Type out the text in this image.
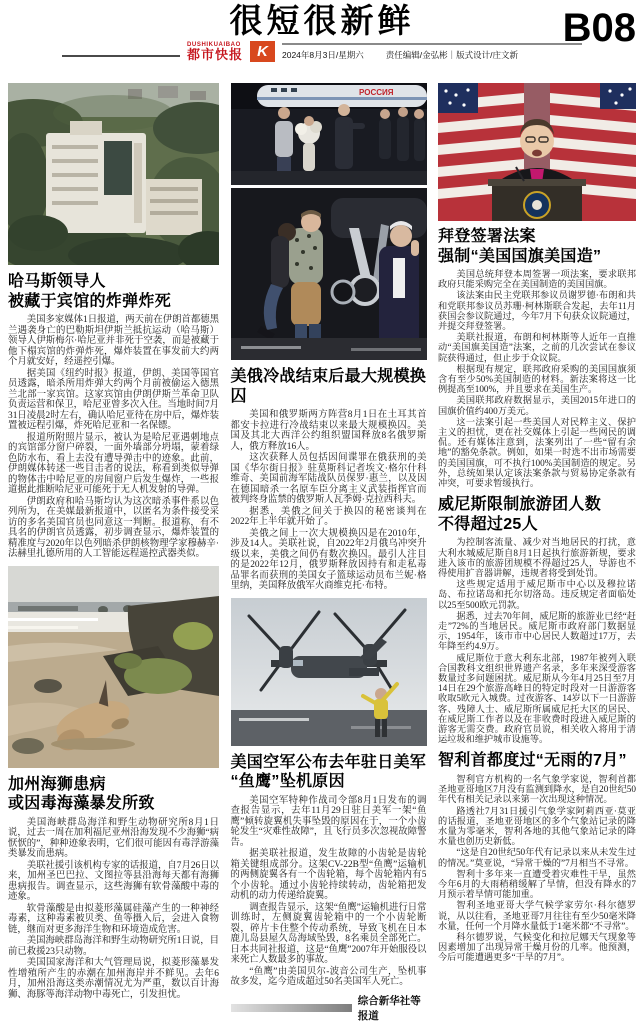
很短很新鲜	B08
DUSHIKUAIBAO
都市快报 K	2024年8月3日/星期六	责任编辑/金弘彬｜版式设计/庄文新
哈马斯领导人
被藏于宾馆的炸弹炸死

美国多家媒体1日报道，两天前在伊朗首都德黑兰遇袭身亡的巴勒斯坦伊斯兰抵抗运动（哈马斯）领导人伊斯梅尔·哈尼亚并非死于空袭，而是被藏于他下榻宾馆的炸弹炸死，爆炸装置在事发前大约两个月就安好，经遥控引爆。

据美国《纽约时报》报道，伊朗、美国等国官员透露，暗杀所用炸弹大约两个月前被偷运入德黑兰北部一家宾馆。这家宾馆由伊朗伊斯兰革命卫队负责运营和保卫，哈尼亚曾多次入住。当地时间7月31日凌晨2时左右，确认哈尼亚待在房中后，爆炸装置被远程引爆，炸死哈尼亚和一名保镖。

报道所附照片显示，被认为是哈尼亚遇刺地点的宾馆部分窗户碎裂，一面外墙部分坍塌，蒙着绿色防水布，看上去没有遭导弹击中的迹象。此前，伊朗媒体转述一些目击者的说法，称看到类似导弹的物体击中哈尼亚的房间窗户后发生爆炸，一些报道据此推断哈尼亚可能死于无人机发射的导弹。

伊朗政府和哈马斯均认为这次暗杀事件系以色列所为，在美媒最新报道中，以匿名为条件接受采访的多名美国官员也同意这一判断。报道称，有不具名的伊朗官员透露，初步调查显示，爆炸装置的精准度与2020年以色列暗杀伊朗核物理学家穆赫辛·法赫里扎德所用的人工智能远程遥控武器类似。

加州海狮患病
或因毒海藻暴发所致

美国海峡群岛海洋和野生动物研究所8月1日说，过去一周在加利福尼亚州沿海发现不少海狮“病恹恹的”，种种迹象表明，它们很可能因有毒浮游藻类暴发而患病。

美联社援引该机构专家的话报道，自7月26日以来，加州圣巴巴拉、文图拉等县沿海每天都有海狮患病报告。调查显示，这些海狮有软骨藻酸中毒的迹象。

软骨藻酸是由拟菱形藻属硅藻产生的一种神经毒素，这种毒素被贝类、鱼等摄入后，会进入食物链，继而对更多海洋生物和环境造成危害。

美国海峡群岛海洋和野生动物研究所1日说，目前已救援23只动物。

美国国家海洋和大气管理局说，拟菱形藻暴发性增殖所产生的赤潮在加州海岸并不鲜见。去年6月，加州沿海这类赤潮情况尤为严重，数以百计海狮、海豚等海洋动物中毒死亡，引发担忧。

РОССИЯ
美俄冷战结束后最大规模换囚

美国和俄罗斯两方阵营8月1日在土耳其首都安卡拉进行冷战结束以来最大规模换囚。美国及其北大西洋公约组织盟国释放8名俄罗斯人，俄方释放16人。

这次获释人员包括因间谍罪在俄获刑的美国《华尔街日报》驻莫斯科记者埃文·格尔什科维奇、美国前海军陆战队员保罗·惠兰，以及因在德国暗杀一名原车臣分离主义武装指挥官而被判终身监禁的俄罗斯人瓦季姆·克拉西科夫。

据悉，美俄之间关于换囚的秘密谈判在2022年上半年就开始了。

美俄之间上一次大规模换囚是在2010年，涉及14人。美联社说，自2022年2月俄乌冲突升级以来，美俄之间仍有数次换囚。最引人注目的是2022年12月，俄罗斯释放因持有和走私毒品罪名而获刑的美国女子篮球运动员布兰妮·格里纳，美国释放俄军火商维克托·布特。

美国空军公布去年驻日美军
“鱼鹰”坠机原因

美国空军特种作战司令部8月1日发布的调查报告显示，去年11月29日驻日美军一架“鱼鹰”倾转旋翼机失事坠毁的原因在于，一个小齿轮发生“灾难性故障”，且飞行员多次忽视故障警告。

据美联社报道，发生故障的小齿轮是齿轮箱关键组成部分。这架CV-22B型“鱼鹰”运输机的两侧旋翼各有一个齿轮箱，每个齿轮箱内有5个小齿轮。通过小齿轮持续转动，齿轮箱把发动机的动力传递给旋翼。

调查报告显示，这架“鱼鹰”运输机进行日常训练时，左侧旋翼齿轮箱中的一个小齿轮断裂，碎片卡住整个传动系统，导致飞机在日本鹿儿岛县屋久岛海域坠毁，8名乘员全部死亡。日本共同社报道，这是“鱼鹰”2007年开始服役以来死亡人数最多的事故。

“鱼鹰”由美国贝尔-波音公司生产，坠机事故多发，迄今造成超过50名美国军人死亡。

综合新华社等报道
拜登签署法案
强制“美国国旗美国造”

美国总统拜登本周签署一项法案，要求联邦政府只能采购完全在美国制造的美国国旗。

该法案由民主党联邦参议员谢罗德·布朗和共和党联邦参议员苏珊·柯林斯联合发起，去年11月获国会参议院通过，今年7月下旬获众议院通过，并提交拜登签署。

美联社报道，布朗和柯林斯等人近年一直推动“美国旗美国造”法案，之前的几次尝试在参议院获得通过，但止步于众议院。

根据现有规定，联邦政府采购的美国国旗须含有至少50%美国制造的材料。新法案将这一比例提高至100%，并且要求在美国生产。

美国联邦政府数据显示，美国2015年进口的国旗价值约400万美元。

这一法案引起一些美国人对民粹主义、保护主义的担忧，更在社交媒体上引起一些网民的调侃。还有媒体注意到，法案列出了一些“留有余地”的豁免条款。例如，如果一时选不出市场需要的美国国旗，可不执行100%美国制造的规定。另外，总统如果认定该法案条款与贸易协定条款有冲突，可要求暂缓执行。

威尼斯限制旅游团人数
不得超过25人

为控制客流量、减少对当地居民的打扰，意大利水城威尼斯自8月1日起执行旅游新规，要求进入该市的旅游团规模不得超过25人，导游也不得使用扩音器讲解，违规者将受到处罚。

这些规定适用于威尼斯市中心以及穆拉诺岛、布拉诺岛和托尔切洛岛。违反规定者面临处以25至500欧元罚款。

据悉，过去70年间，威尼斯的旅游业已经“赶走”72%的当地居民。威尼斯市政府部门数据显示，1954年，该市市中心居民人数超过17万，去年降至约4.9万。

威尼斯位于意大利东北部，1987年被列入联合国教科文组织世界遗产名录，多年来深受游客数量过多问题困扰。威尼斯从今年4月25日至7月14日在29个旅游高峰日的特定时段对一日游游客收取5欧元入城费。过夜游客、14岁以下一日游游客、残障人士、威尼斯所属威尼托大区的居民、在威尼斯工作者以及在非收费时段进入威尼斯的游客无需交费。政府官员说，相关收入将用于清运垃圾和维护城市设施等。

智利首都度过“无雨的7月”

智利官方机构的一名气象学家说，智利首都圣地亚哥地区7月没有监测到降水，是自20世纪50年代有相关记录以来第一次出现这种情况。

路透社7月31日援引气象学家阿莉西亚·莫亚的话报道，圣地亚哥地区的多个气象站记录的降水量为零毫米，智利各地的其他气象站记录的降水量也创历史新低。

“这是自20世纪50年代有记录以来从未发生过的情况。”莫亚说，“异常干燥的”7月相当不寻常。

智利十多年来一直遭受着灾难性干旱，虽然今年6月的大雨稍稍缓解了旱情，但没有降水的7月预示着旱情可能加重。

智利圣地亚哥大学气候学家劳尔·科尔德罗说，从以往看，圣地亚哥7月往往有至少50毫米降水量，任何一个月降水量低于1毫米都“不寻常”。

科尔德罗说，气候变化和拉尼娜天气现象等因素增加了出现异常干燥月份的几率。他预测，今后可能遭遇更多“干旱的7月”。
